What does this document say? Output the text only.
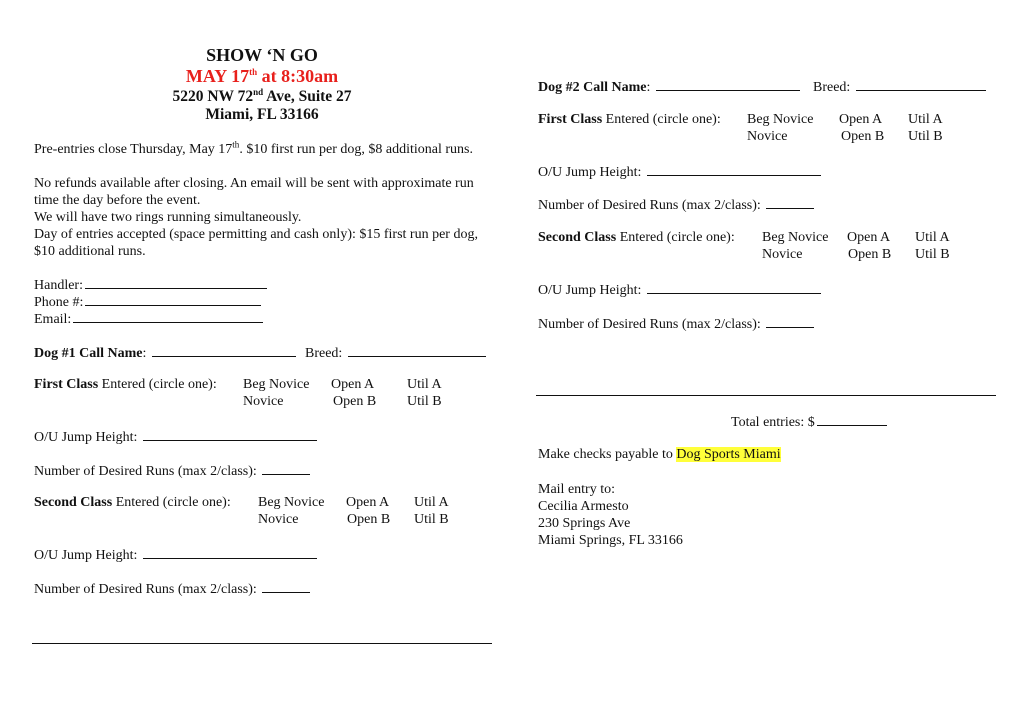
SHOW ‘N GO
MAY 17th at 8:30am
5220 NW 72nd Ave, Suite 27
Miami, FL 33166
Pre-entries close Thursday, May 17th. $10 first run per dog, $8 additional runs.
No refunds available after closing. An email will be sent with approximate run time the day before the event.
We will have two rings running simultaneously.
Day of entries accepted (space permitting and cash only): $15 first run per dog, $10 additional runs.
Handler:
Phone #:
Email:
Dog #1 Call Name:	Breed:
First Class Entered (circle one): Beg Novice
Novice
Open A
Open B
Util A
Util B
O/U Jump Height:
Number of Desired Runs (max 2/class):
Second Class Entered (circle one): Beg Novice
Novice
Open A
Open B
Util A
Util B
O/U Jump Height:
Number of Desired Runs (max 2/class):
Dog #2 Call Name:	Breed:
First Class Entered (circle one): Beg Novice
Novice
Open A
Open B
Util A
Util B
O/U Jump Height:
Number of Desired Runs (max 2/class):
Second Class Entered (circle one): Beg Novice
Novice
Open A
Open B
Util A
Util B
O/U Jump Height:
Number of Desired Runs (max 2/class):
Total entries: $
Make checks payable to Dog Sports Miami
Mail entry to:
Cecilia Armesto
230 Springs Ave
Miami Springs, FL 33166
